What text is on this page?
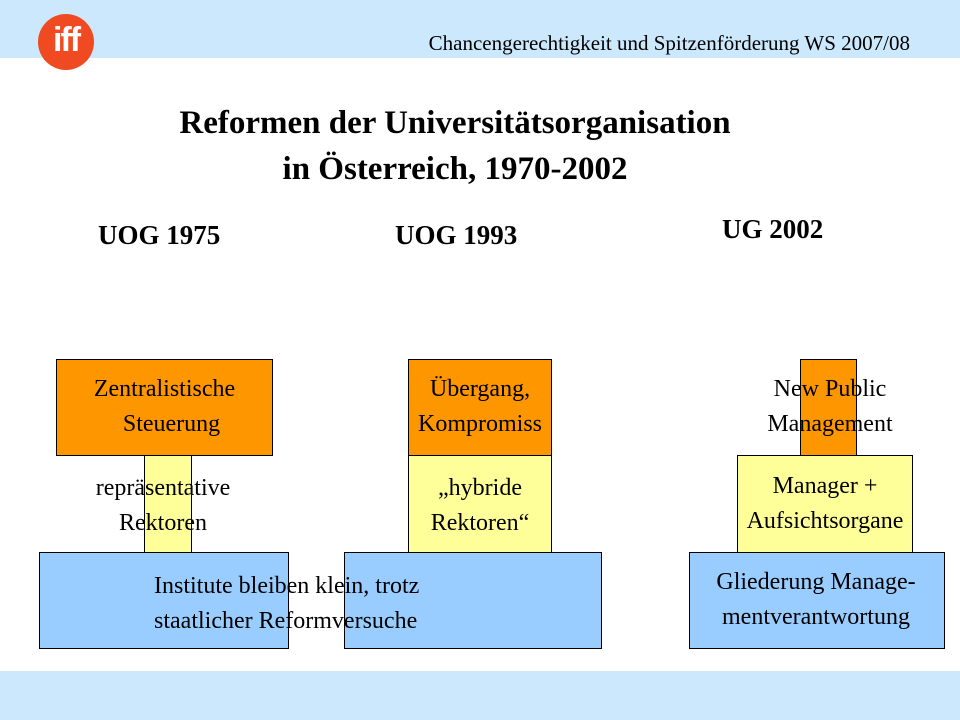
iff	Chancengerechtigkeit und Spitzenförderung WS 2007/08
Reformen der Universitätsorganisation
in Österreich, 1970-2002
UOG 1975	UOG 1993	UG 2002
Zentralistische
Steuerung
repräsentative
Rektoren
Institute bleiben klein, trotz
staatlicher Reformversuche
Übergang,
Kompromiss
„hybride
Rektoren“
New Public
Management
Manager +
Aufsichtsorgane
Gliederung Manage-
mentverantwortung
